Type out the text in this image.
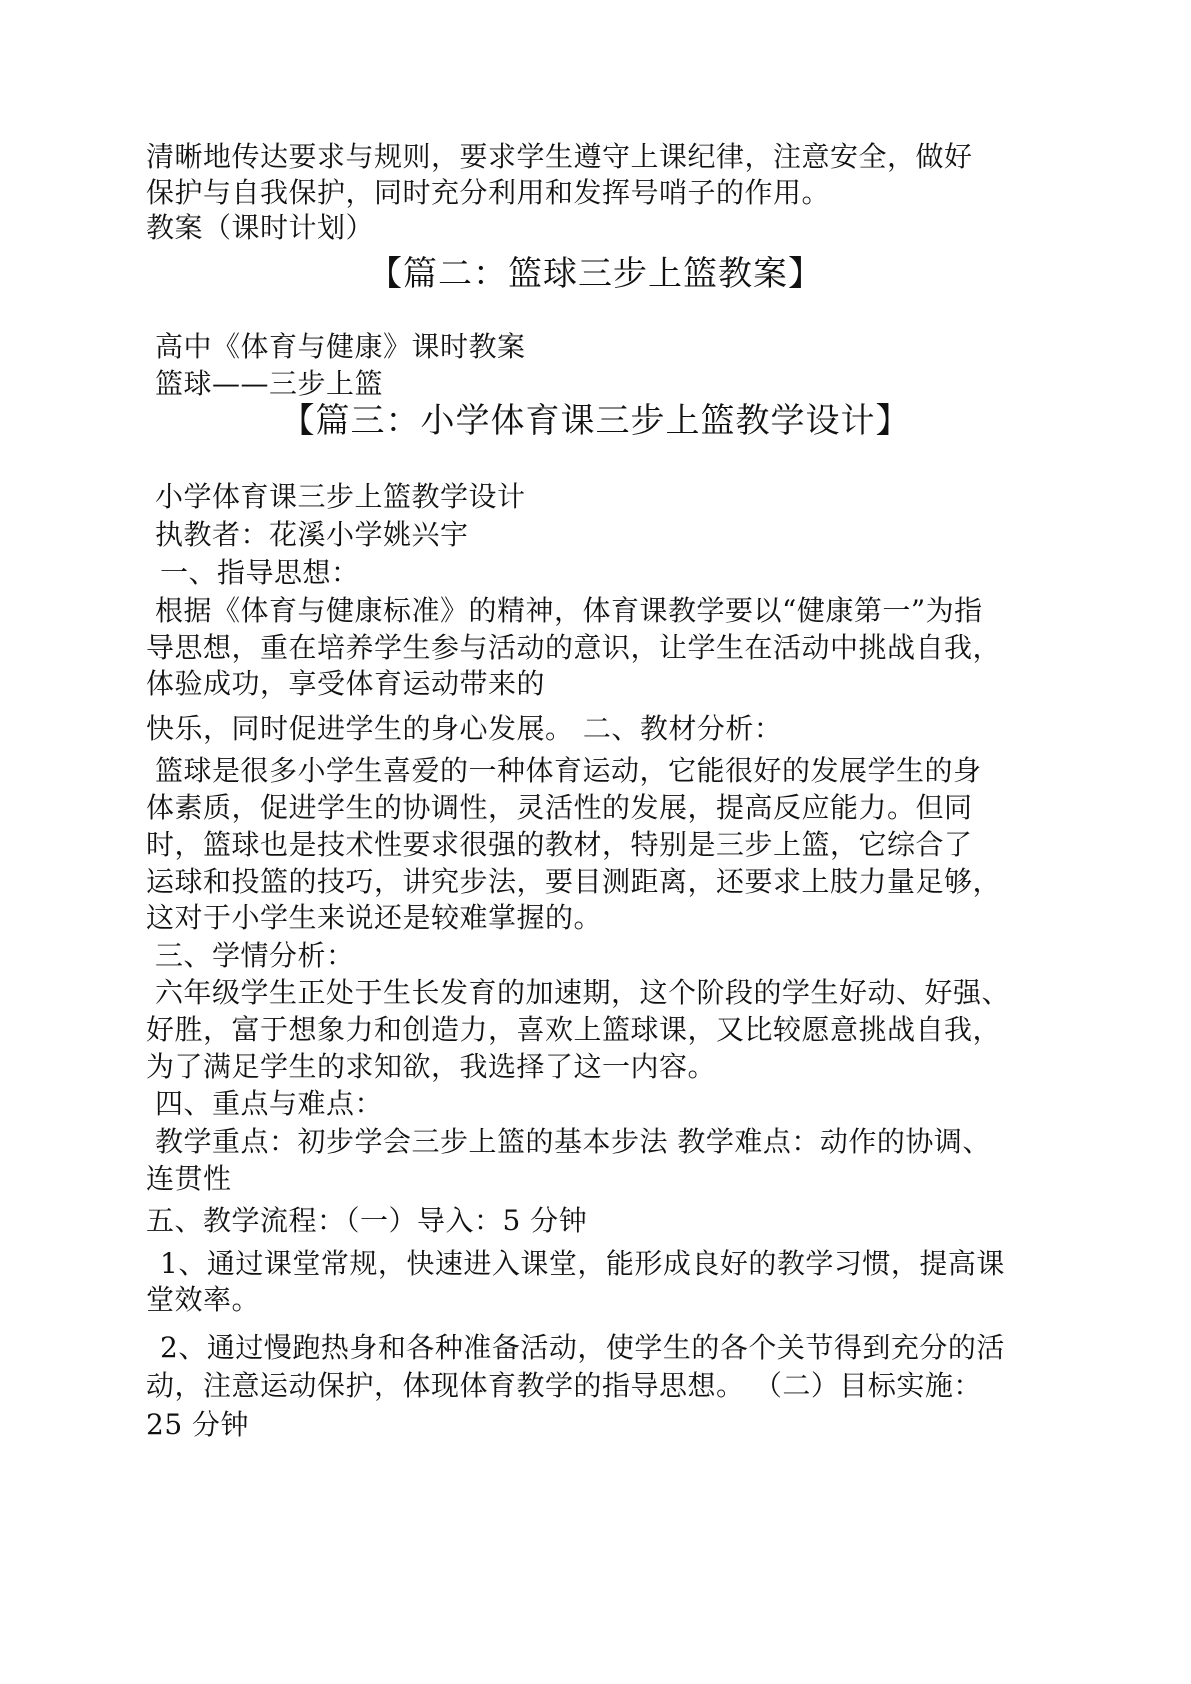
清晰地传达要求与规则，要求学生遵守上课纪律，注意安全，做好
保护与自我保护，同时充分利用和发挥号哨子的作用。
教案（课时计划）
【篇二：篮球三步上篮教案】
高中《体育与健康》课时教案
篮球——三步上篮
【篇三：小学体育课三步上篮教学设计】
小学体育课三步上篮教学设计
执教者：花溪小学姚兴宇
一、指导思想：
根据《体育与健康标准》的精神，体育课教学要以“健康第一”为指
导思想，重在培养学生参与活动的意识，让学生在活动中挑战自我，
体验成功，享受体育运动带来的
快乐，同时促进学生的身心发展。 二、教材分析：
篮球是很多小学生喜爱的一种体育运动，它能很好的发展学生的身
体素质，促进学生的协调性，灵活性的发展，提高反应能力。但同
时，篮球也是技术性要求很强的教材，特别是三步上篮，它综合了
运球和投篮的技巧，讲究步法，要目测距离，还要求上肢力量足够，
这对于小学生来说还是较难掌握的。
三、学情分析：
六年级学生正处于生长发育的加速期，这个阶段的学生好动、好强、
好胜，富于想象力和创造力，喜欢上篮球课，又比较愿意挑战自我，
为了满足学生的求知欲，我选择了这一内容。
四、重点与难点：
教学重点：初步学会三步上篮的基本步法 教学难点：动作的协调、
连贯性
五、教学流程：（一）导入：5 分钟
1、通过课堂常规，快速进入课堂，能形成良好的教学习惯，提高课
堂效率。
2、通过慢跑热身和各种准备活动，使学生的各个关节得到充分的活
动，注意运动保护，体现体育教学的指导思想。 （二）目标实施：
25 分钟
